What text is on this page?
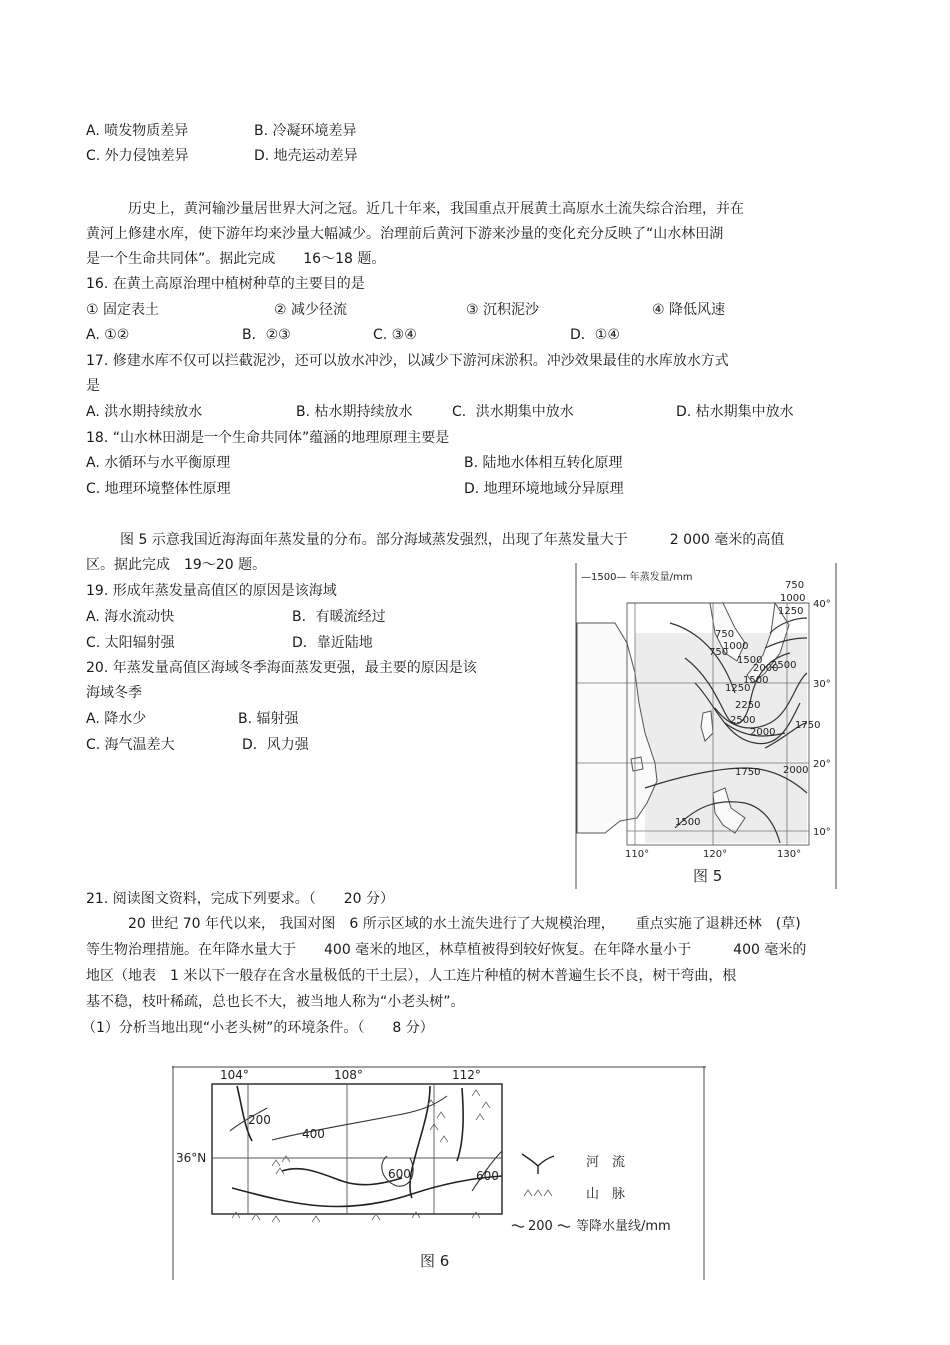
A. 喷发物质差异	B. 冷凝环境差异
C. 外力侵蚀差异	D. 地壳运动差异
历史上，黄河输沙量居世界大河之冠。近几十年来，我国重点开展黄土高原水土流失综合治理，并在
黄河上修建水库，使下游年均来沙量大幅减少。治理前后黄河下游来沙量的变化充分反映了“山水林田湖
是一个生命共同体”。据此完成　　16～18 题。
16. 在黄土高原治理中植树种草的主要目的是
① 固定表土	② 减少径流	③ 沉积泥沙	④ 降低风速
A. ①②	B．②③	C. ③④	D．①④
17. 修建水库不仅可以拦截泥沙，还可以放水冲沙，以减少下游河床淤积。冲沙效果最佳的水库放水方式
是
A. 洪水期持续放水	B. 枯水期持续放水	C．洪水期集中放水	D. 枯水期集中放水
18. “山水林田湖是一个生命共同体”蕴涵的地理原理主要是
A. 水循环与水平衡原理	B. 陆地水体相互转化原理
C. 地理环境整体性原理	D. 地理环境地域分异原理
图 5 示意我国近海海面年蒸发量的分布。部分海域蒸发强烈，出现了年蒸发量大于　　　2 000 毫米的高值
区。据此完成　19～20 题。
19. 形成年蒸发量高值区的原因是该海域
A. 海水流动快	B．有暖流经过
C. 太阳辐射强	D．靠近陆地
20. 年蒸发量高值区海域冬季海面蒸发更强，最主要的原因是该
海域冬季
A. 降水少	B. 辐射强
C. 海气温差大	D．风力强
—1500— 年蒸发量/mm
750
1000
1250
750
750
1000
1500
1250
1500
2000
2250
2500
2000
2500
1750
2000
1750
1500
40°
30°
20°
10°
110°	120°	130°
图 5
21. 阅读图文资料，完成下列要求。（　　20 分）
20 世纪 70 年代以来， 我国对图　6 所示区域的水土流失进行了大规模治理，　　重点实施了退耕还林　(草)
等生物治理措施。在年降水量大于　　400 毫米的地区，林草植被得到较好恢复。在年降水量小于　　　400 毫米的
地区（地表　1 米以下一般存在含水量极低的干土层），人工连片种植的树木普遍生长不良，树干弯曲，根
基不稳，枝叶稀疏，总也长不大，被当地人称为“小老头树”。
（1）分析当地出现“小老头树”的环境条件。（　　8 分）
104°	108°	112°
36°N
200
400
600	600
河　流
山　脉
200 等降水量线/mm
图 6
